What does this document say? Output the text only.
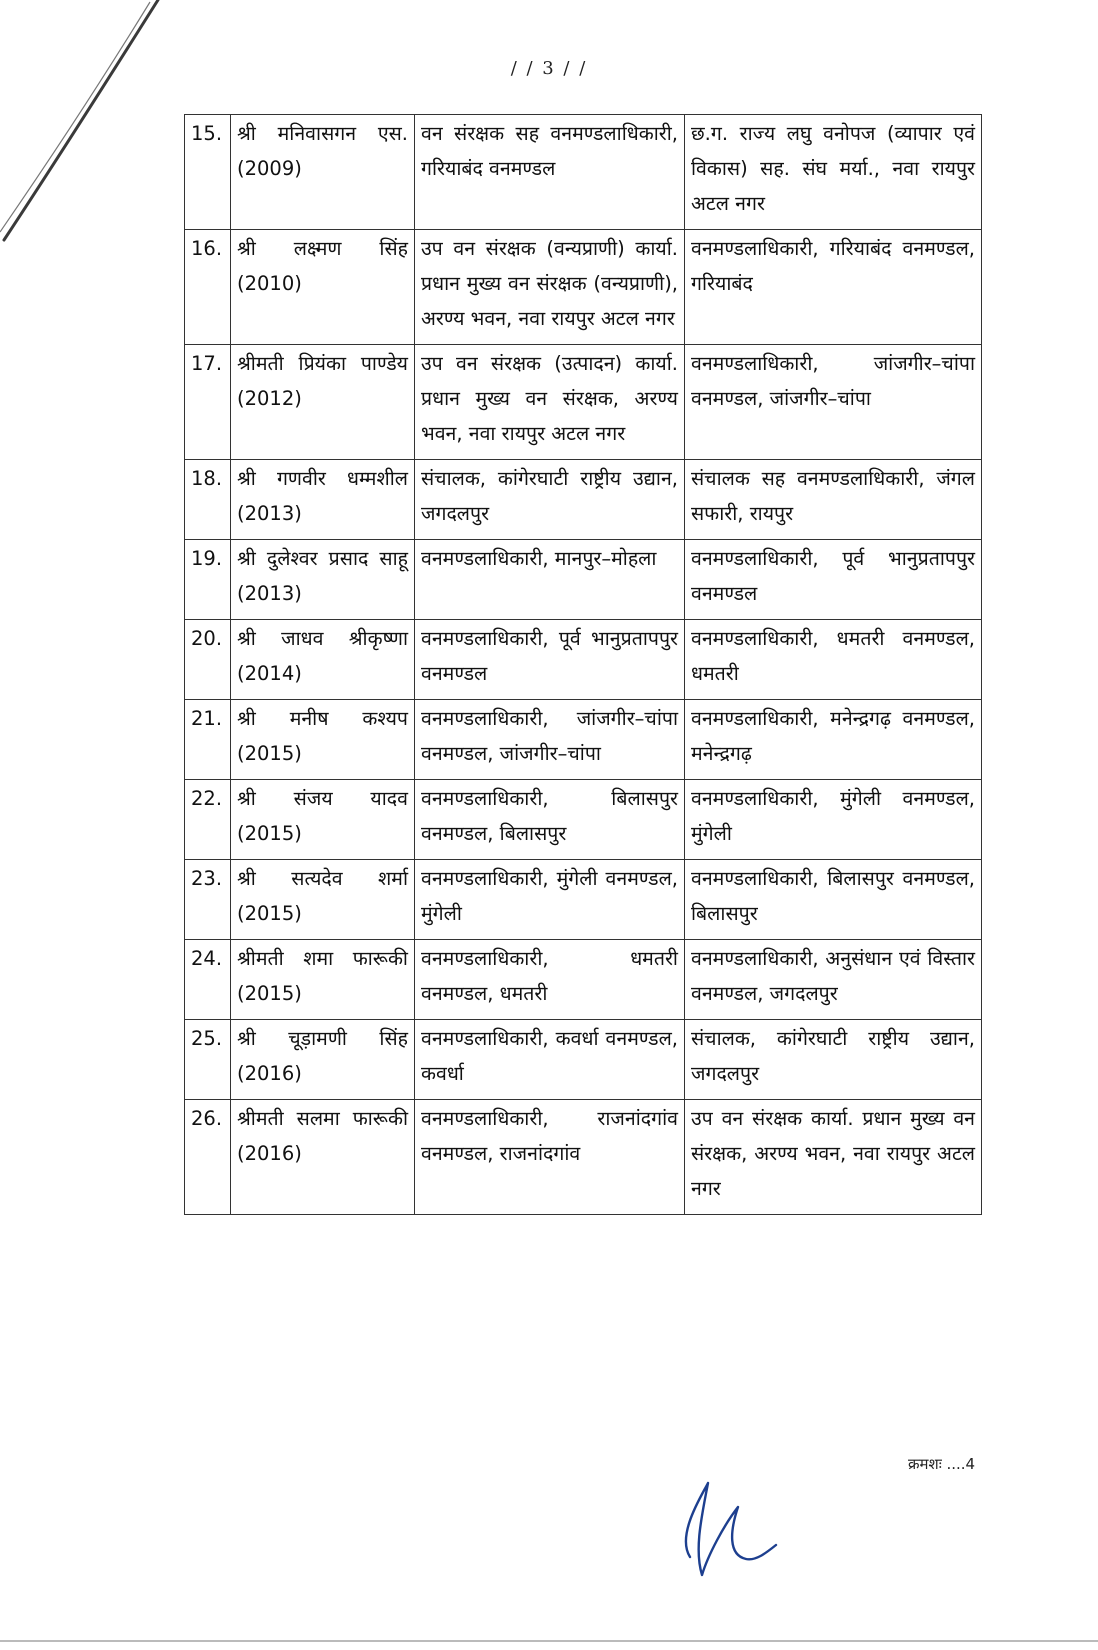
/ / 3 / /
15.	श्री मनिवासगन एस. (2009)	वन संरक्षक सह वनमण्डलाधिकारी, गरियाबंद वनमण्डल	छ.ग. राज्य लघु वनोपज (व्यापार एवं विकास) सह. संघ मर्या., नवा रायपुर अटल नगर
16.	श्री लक्ष्मण सिंह (2010)	उप वन संरक्षक (वन्यप्राणी) कार्या. प्रधान मुख्य वन संरक्षक (वन्यप्राणी), अरण्य भवन, नवा रायपुर अटल नगर	वनमण्डलाधिकारी, गरियाबंद वनमण्डल, गरियाबंद
17.	श्रीमती प्रियंका पाण्डेय (2012)	उप वन संरक्षक (उत्पादन) कार्या. प्रधान मुख्य वन संरक्षक, अरण्य भवन, नवा रायपुर अटल नगर	वनमण्डलाधिकारी, जांजगीर–चांपा वनमण्डल, जांजगीर–चांपा
18.	श्री गणवीर धम्मशील (2013)	संचालक, कांगेरघाटी राष्ट्रीय उद्यान, जगदलपुर	संचालक सह वनमण्डलाधिकारी, जंगल सफारी, रायपुर
19.	श्री दुलेश्वर प्रसाद साहू (2013)	वनमण्डलाधिकारी, मानपुर–मोहला	वनमण्डलाधिकारी, पूर्व भानुप्रतापपुर वनमण्डल
20.	श्री जाधव श्रीकृष्णा (2014)	वनमण्डलाधिकारी, पूर्व भानुप्रतापपुर वनमण्डल	वनमण्डलाधिकारी, धमतरी वनमण्डल, धमतरी
21.	श्री मनीष कश्यप (2015)	वनमण्डलाधिकारी, जांजगीर–चांपा वनमण्डल, जांजगीर–चांपा	वनमण्डलाधिकारी, मनेन्द्रगढ़ वनमण्डल, मनेन्द्रगढ़
22.	श्री संजय यादव (2015)	वनमण्डलाधिकारी, बिलासपुर वनमण्डल, बिलासपुर	वनमण्डलाधिकारी, मुंगेली वनमण्डल, मुंगेली
23.	श्री सत्यदेव शर्मा (2015)	वनमण्डलाधिकारी, मुंगेली वनमण्डल, मुंगेली	वनमण्डलाधिकारी, बिलासपुर वनमण्डल, बिलासपुर
24.	श्रीमती शमा फारूकी (2015)	वनमण्डलाधिकारी, धमतरी वनमण्डल, धमतरी	वनमण्डलाधिकारी, अनुसंधान एवं विस्तार वनमण्डल, जगदलपुर
25.	श्री चूड़ामणी सिंह (2016)	वनमण्डलाधिकारी, कवर्धा वनमण्डल, कवर्धा	संचालक, कांगेरघाटी राष्ट्रीय उद्यान, जगदलपुर
26.	श्रीमती सलमा फारूकी (2016)	वनमण्डलाधिकारी, राजनांदगांव वनमण्डल, राजनांदगांव	उप वन संरक्षक कार्या. प्रधान मुख्य वन संरक्षक, अरण्य भवन, नवा रायपुर अटल नगर
क्रमशः ....4
